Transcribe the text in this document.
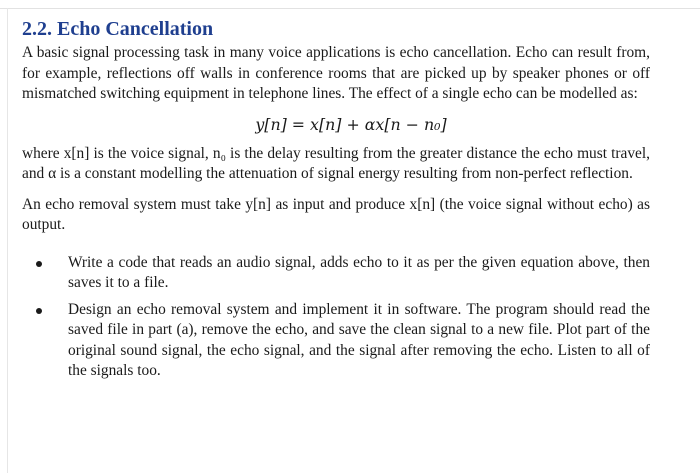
2.2. Echo Cancellation

A basic signal processing task in many voice applications is echo cancellation. Echo can result from, for example, reflections off walls in conference rooms that are picked up by speaker phones or off mismatched switching equipment in telephone lines. The effect of a single echo can be modelled as:

y[n] = x[n] + αx[n − n₀]

where x[n] is the voice signal, n₀ is the delay resulting from the greater distance the echo must travel, and α is a constant modelling the attenuation of signal energy resulting from non-perfect reflection.

An echo removal system must take y[n] as input and produce x[n] (the voice signal without echo) as output.

Write a code that reads an audio signal, adds echo to it as per the given equation above, then saves it to a file.
Design an echo removal system and implement it in software. The program should read the saved file in part (a), remove the echo, and save the clean signal to a new file. Plot part of the original sound signal, the echo signal, and the signal after removing the echo. Listen to all of the signals too.
